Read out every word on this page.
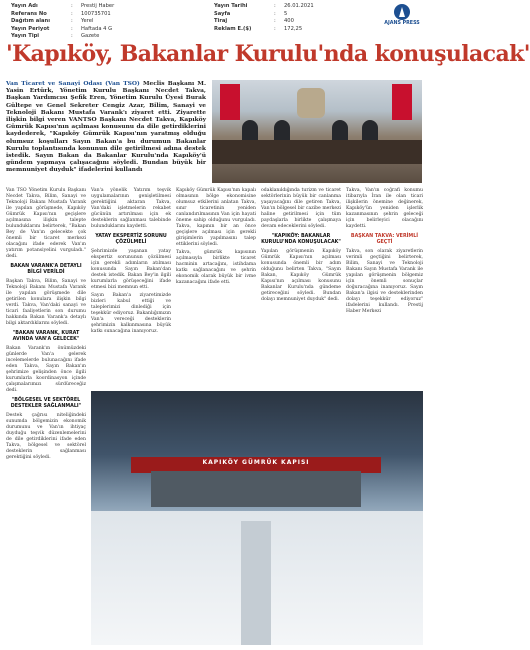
Yayın Adı	:	Prestij Haber
Referans No	:	100735701
Dağıtım alanı	:	Yerel
Yayın Periyot	:	Haftada 4 G
Yayın Tipi	:	Gazete
Yayın Tarihi	:	26.01.2021
Sayfa	:	5
Tiraj	:	400
Reklam E.($)	:	172,25
AJANS PRESS
'Kapıköy, Bakanlar Kurulu'nda konuşulacak'
Van Ticaret ve Sanayi Odası (Van TSO) Meclis Başkanı M. Yasin Ertürk, Yönetim Kurulu Başkanı Necdet Takva, Başkan Yardımcısı Şefik Eren, Yönetim Kurulu Üyesi Burak Gültepe ve Genel Sekreter Cengiz Azar, Bilim, Sanayi ve Teknoloji Bakanı Mustafa Varank'ı ziyaret etti. Ziyarette ilişkin bilgi veren VANTSO Başkanı Necdet Takva, Kapıköy Gümrük Kapısı'nın açılması konusunu da dile getirdiklerini kaydederek, "Kapıköy Gümrük Kapısı'nın yaratmış olduğu olumsuz koşulları Sayın Bakan'a bu durumun Bakanlar Kurulu toplantısında konunun dile getirilmesi adına destek istedik. Sayın Bakan da Bakanlar Kurulu'nda Kapıköy'ü gündem yapmaya çalışacağını söyledi. Bundan büyük bir memnuniyet duyduk" ifadelerini kullandı

Van TSO Yönetim Kurulu Başkanı Necdet Takva, Bilim, Sanayi ve Teknoloji Bakanı Mustafa Varank ile yapılan görüşmede, Kapıköy Gümrük Kapısı'nın geçişlere açılmasına ilişkin talepte bulunduklarını belirterek, "Bakan Bey de Van'ın gelecekte çok önemli bir ticaret merkezi olacağını ifade ederek Van'ın yatırım potansiyelini vurguladı." dedi.

BAKAN VARANK'A DETAYLI BİLGİ VERİLDİ

Başkan Takva, Bilim, Sanayi ve Teknoloji Bakanı Mustafa Varank ile yapılan görüşmede dile getirilen konulara ilişkin bilgi verdi. Takva, Van'daki sanayi ve ticari faaliyetlerin son durumu hakkında Bakan Varank'a detaylı bilgi aktardıklarını söyledi.

"BAKAN VARANK, KURAT AVINDA VAN'A GELECEK"

Bakan Varank'ın önümüzdeki günlerde Van'a gelerek incelemelerde bulunacağını ifade eden Takva, Sayın Bakan'ın şehrimize gelişinden önce ilgili kurumlarla koordinasyon içinde çalışmalarımızı sürdüreceğiz dedi.

"BÖLGESEL VE SEKTÖREL DESTEKLER SAĞLANMALI"

Destek çağrısı niteliğindeki sunumda bölgemizin ekonomik durumunu ve Van'ın ihtiyaç duyduğu teşvik düzenlemelerini de dile getirdiklerini ifade eden Takva, bölgesel ve sektörel desteklerin sağlanması gerektiğini söyledi.

Van'a yönelik Yatırım teşvik uygulamalarının genişletilmesi gerektiğini aktaran Takva, Van'daki işletmelerin rekabet gücünün artırılması için ek desteklerin sağlanması talebinde bulunduklarını kaydetti.

YATAY EKSPERTİZ SORUNU ÇÖZÜLMELİ

Şehrimizde yaşanan yatay ekspertiz sorununun çözülmesi için gerekli adımların atılması konusunda Sayın Bakan'dan destek istedik. Bakan Bey'in ilgili kurumlarla görüşeceğini ifade etmesi bizi memnun etti.

Sayın Bakan'a ziyaretimizde bizleri kabul ettiği ve taleplerimizi dinlediği için teşekkür ediyoruz. Bakanlığımızın Van'a vereceği desteklerin şehrimizin kalkınmasına büyük katkı sunacağına inanıyoruz.

Kapıköy Gümrük Kapısı'nın kapalı olmasının bölge ekonomisine olumsuz etkilerini anlatan Takva, sınır ticaretinin yeniden canlandırılmasının Van için hayati öneme sahip olduğunu vurguladı. Takva, kapının bir an önce geçişlere açılması için gerekli girişimlerin yapılmasını talep ettiklerini söyledi.

Takva, gümrük kapısının açılmasıyla birlikte ticaret hacminin artacağını, istihdama katkı sağlanacağını ve şehrin ekonomik olarak büyük bir ivme kazanacağını ifade etti.

odaklanıldığında turizm ve ticaret sektörlerinin büyük bir canlanma yaşayacağını dile getiren Takva, Van'ın bölgesel bir cazibe merkezi haline getirilmesi için tüm paydaşlarla birlikte çalışmaya devam edeceklerini söyledi.

"KAPIKÖY: BAKANLAR KURULU'NDA KONUŞULACAK"

Yapılan görüşmenin Kapıköy Gümrük Kapısı'nın açılması konusunda önemli bir adım olduğunu belirten Takva, "Sayın Bakan, Kapıköy Gümrük Kapısı'nın açılması konusunu Bakanlar Kurulu'nda gündeme getireceğini söyledi. Bundan dolayı memnuniyet duyduk" dedi.

Takva, Van'ın coğrafi konumu itibarıyla İran ile olan ticari ilişkilerin önemine değinerek, Kapıköy'ün yeniden işlerlik kazanmasının şehrin geleceği için belirleyici olacağını kaydetti.

BAŞKAN TAKVA: VERİMLİ GEÇTİ

Takva, son olarak ziyaretlerin verimli geçtiğini belirterek, Bilim, Sanayi ve Teknoloji Bakanı Sayın Mustafa Varank ile yapılan görüşmenin bölgemiz için önemli sonuçlar doğuracağına inanıyoruz. Sayın Bakan'a ilgisi ve desteklerinden dolayı teşekkür ediyoruz" ifadelerini kullandı. Prestij Haber Merkezi

KAPIKÖY GÜMRÜK KAPISI
